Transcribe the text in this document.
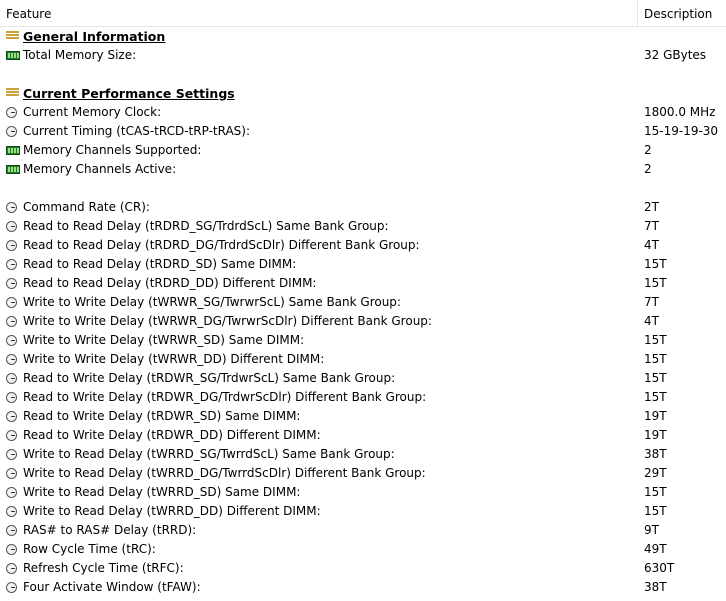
Feature	Description
General Information
Total Memory Size:	32 GBytes
Current Performance Settings
Current Memory Clock:	1800.0 MHz
Current Timing (tCAS-tRCD-tRP-tRAS):	15-19-19-30
Memory Channels Supported:	2
Memory Channels Active:	2
Command Rate (CR):	2T
Read to Read Delay (tRDRD_SG/TrdrdScL) Same Bank Group:	7T
Read to Read Delay (tRDRD_DG/TrdrdScDlr) Different Bank Group:	4T
Read to Read Delay (tRDRD_SD) Same DIMM:	15T
Read to Read Delay (tRDRD_DD) Different DIMM:	15T
Write to Write Delay (tWRWR_SG/TwrwrScL) Same Bank Group:	7T
Write to Write Delay (tWRWR_DG/TwrwrScDlr) Different Bank Group:	4T
Write to Write Delay (tWRWR_SD) Same DIMM:	15T
Write to Write Delay (tWRWR_DD) Different DIMM:	15T
Read to Write Delay (tRDWR_SG/TrdwrScL) Same Bank Group:	15T
Read to Write Delay (tRDWR_DG/TrdwrScDlr) Different Bank Group:	15T
Read to Write Delay (tRDWR_SD) Same DIMM:	19T
Read to Write Delay (tRDWR_DD) Different DIMM:	19T
Write to Read Delay (tWRRD_SG/TwrrdScL) Same Bank Group:	38T
Write to Read Delay (tWRRD_DG/TwrrdScDlr) Different Bank Group:	29T
Write to Read Delay (tWRRD_SD) Same DIMM:	15T
Write to Read Delay (tWRRD_DD) Different DIMM:	15T
RAS# to RAS# Delay (tRRD):	9T
Row Cycle Time (tRC):	49T
Refresh Cycle Time (tRFC):	630T
Four Activate Window (tFAW):	38T
